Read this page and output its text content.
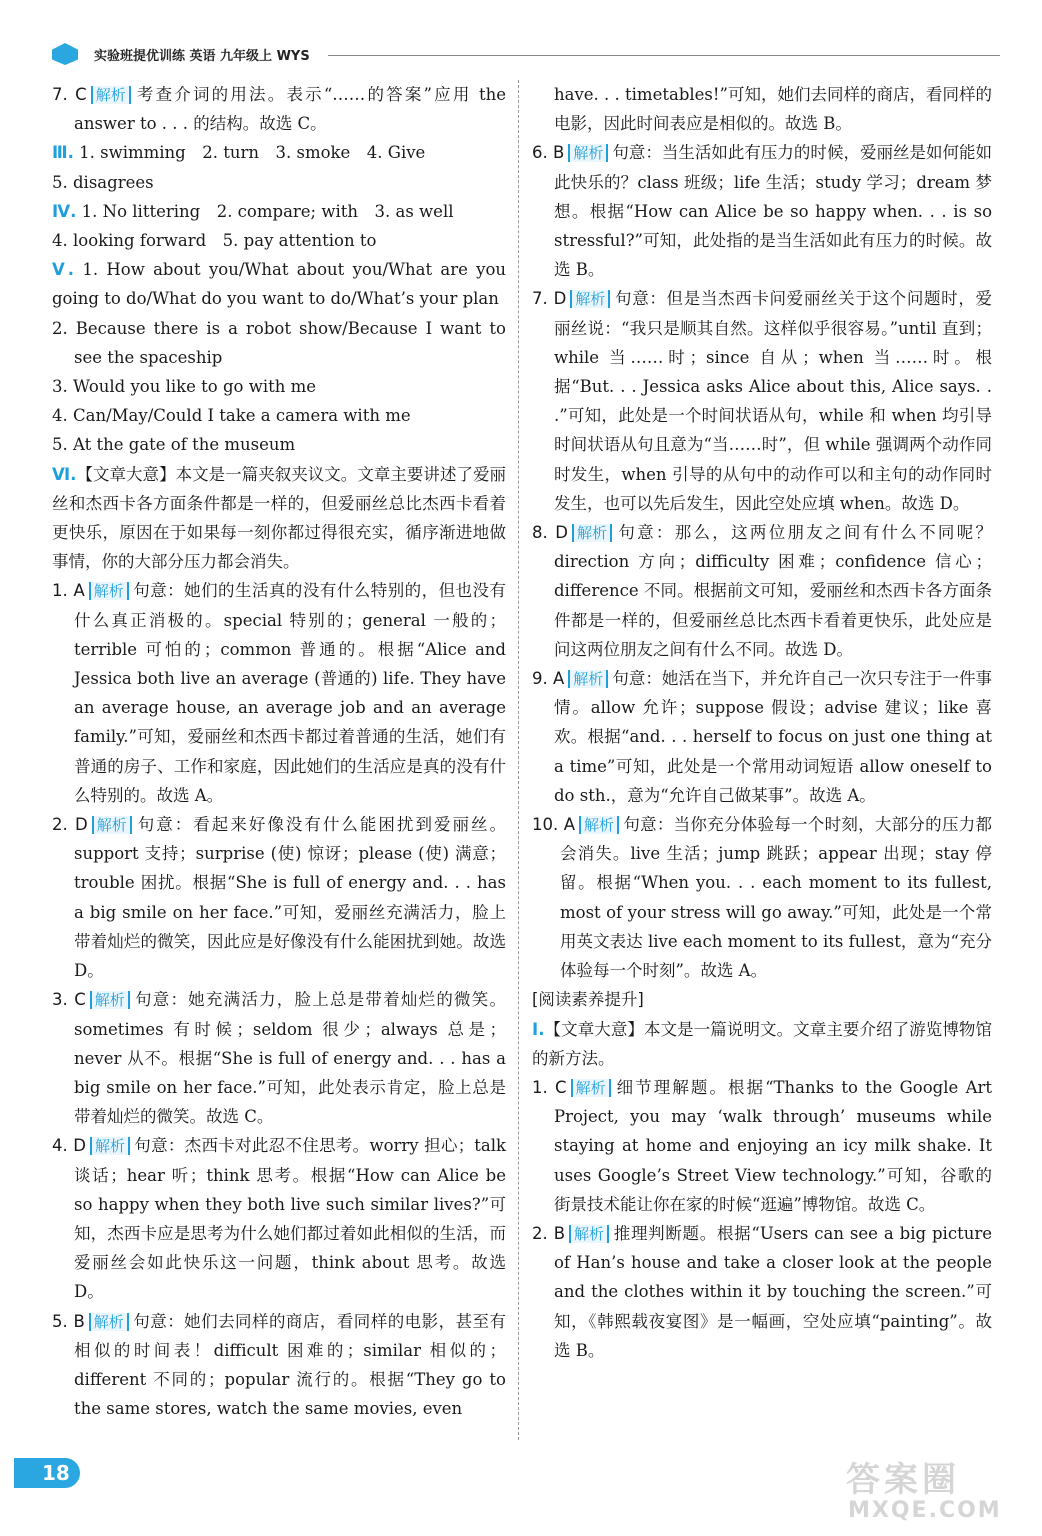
实验班提优训练 英语 九年级上 WYS

7. C 解析 考查介词的用法。表示“……的答案”应用 the answer to . . . 的结构。故选 C。

Ⅲ. 1. swimming　2. turn　3. smoke　4. Give

5. disagrees

Ⅳ. 1. No littering　2. compare; with　3. as well

4. looking forward　5. pay attention to

Ⅴ. 1. How about you/What about you/What are you going to do/What do you want to do/What’s your plan

2. Because there is a robot show/Because I want to see the spaceship

3. Would you like to go with me

4. Can/May/Could I take a camera with me

5. At the gate of the museum

Ⅵ.【文章大意】本文是一篇夹叙夹议文。文章主要讲述了爱丽丝和杰西卡各方面条件都是一样的，但爱丽丝总比杰西卡看着更快乐，原因在于如果每一刻你都过得很充实，循序渐进地做事情，你的大部分压力都会消失。

1. A 解析 句意：她们的生活真的没有什么特别的，但也没有什么真正消极的。special 特别的；general 一般的；terrible 可怕的；common 普通的。根据“Alice and Jessica both live an average (普通的) life. They have an average house, an average job and an average family.”可知，爱丽丝和杰西卡都过着普通的生活，她们有普通的房子、工作和家庭，因此她们的生活应是真的没有什么特别的。故选 A。

2. D 解析 句意：看起来好像没有什么能困扰到爱丽丝。support 支持；surprise (使) 惊讶；please (使) 满意；trouble 困扰。根据“She is full of energy and. . . has a big smile on her face.”可知，爱丽丝充满活力，脸上带着灿烂的微笑，因此应是好像没有什么能困扰到她。故选 D。

3. C 解析 句意：她充满活力，脸上总是带着灿烂的微笑。sometimes 有时候；seldom 很少；always 总是；never 从不。根据“She is full of energy and. . . has a big smile on her face.”可知，此处表示肯定，脸上总是带着灿烂的微笑。故选 C。

4. D 解析 句意：杰西卡对此忍不住思考。worry 担心；talk 谈话；hear 听；think 思考。根据“How can Alice be so happy when they both live such similar lives?”可知，杰西卡应是思考为什么她们都过着如此相似的生活，而爱丽丝会如此快乐这一问题，think about 思考。故选 D。

5. B 解析 句意：她们去同样的商店，看同样的电影，甚至有相似的时间表！difficult 困难的；similar 相似的；different 不同的；popular 流行的。根据“They go to the same stores, watch the same movies, even

have. . . timetables!”可知，她们去同样的商店，看同样的电影，因此时间表应是相似的。故选 B。

6. B 解析 句意：当生活如此有压力的时候，爱丽丝是如何能如此快乐的？class 班级；life 生活；study 学习；dream 梦想。根据“How can Alice be so happy when. . . is so stressful?”可知，此处指的是当生活如此有压力的时候。故选 B。

7. D 解析 句意：但是当杰西卡问爱丽丝关于这个问题时，爱丽丝说：“我只是顺其自然。这样似乎很容易。”until 直到；while 当……时；since 自从；when 当……时。根据“But. . . Jessica asks Alice about this, Alice says. . .”可知，此处是一个时间状语从句，while 和 when 均引导时间状语从句且意为“当……时”，但 while 强调两个动作同时发生，when 引导的从句中的动作可以和主句的动作同时发生，也可以先后发生，因此空处应填 when。故选 D。

8. D 解析 句意：那么，这两位朋友之间有什么不同呢？direction 方向；difficulty 困难；confidence 信心；difference 不同。根据前文可知，爱丽丝和杰西卡各方面条件都是一样的，但爱丽丝总比杰西卡看着更快乐，此处应是问这两位朋友之间有什么不同。故选 D。

9. A 解析 句意：她活在当下，并允许自己一次只专注于一件事情。allow 允许；suppose 假设；advise 建议；like 喜欢。根据“and. . . herself to focus on just one thing at a time”可知，此处是一个常用动词短语 allow oneself to do sth.，意为“允许自己做某事”。故选 A。

10. A 解析 句意：当你充分体验每一个时刻，大部分的压力都会消失。live 生活；jump 跳跃；appear 出现；stay 停留。根据“When you. . . each moment to its fullest, most of your stress will go away.”可知，此处是一个常用英文表达 live each moment to its fullest，意为“充分体验每一个时刻”。故选 A。

[阅读素养提升]

Ⅰ.【文章大意】本文是一篇说明文。文章主要介绍了游览博物馆的新方法。

1. C 解析 细节理解题。根据“Thanks to the Google Art Project, you may ‘walk through’ museums while staying at home and enjoying an icy milk shake. It uses Google’s Street View technology.”可知，谷歌的街景技术能让你在家的时候“逛遍”博物馆。故选 C。

2. B 解析 推理判断题。根据“Users can see a big picture of Han’s house and take a closer look at the people and the clothes within it by touching the screen.”可知，《韩熙载夜宴图》是一幅画，空处应填“painting”。故选 B。

18	答案圈
MXQE.COM
